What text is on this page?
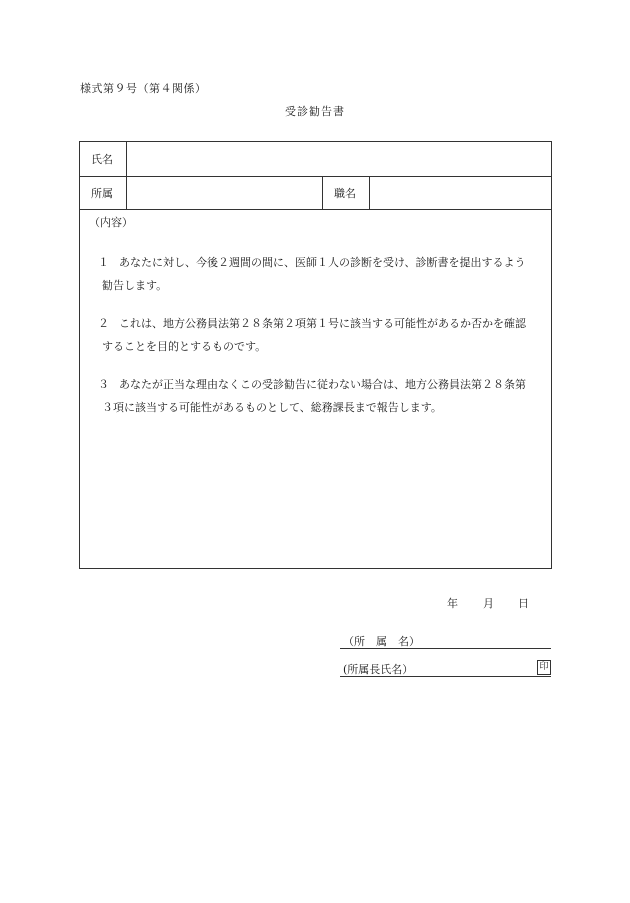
様式第９号（第４関係）
受診勧告書
氏名
所属	職名
（内容）
１ あなたに対し、今後２週間の間に、医師１人の診断を受け、診断書を提出するよう
勧告します。
２ これは、地方公務員法第２８条第２項第１号に該当する可能性があるか否かを確認
することを目的とするものです。
３ あなたが正当な理由なくこの受診勧告に従わない場合は、地方公務員法第２８条第
３項に該当する可能性があるものとして、総務課長まで報告します。
年 月 日
（所　属　名）
(所属長氏名）	印
